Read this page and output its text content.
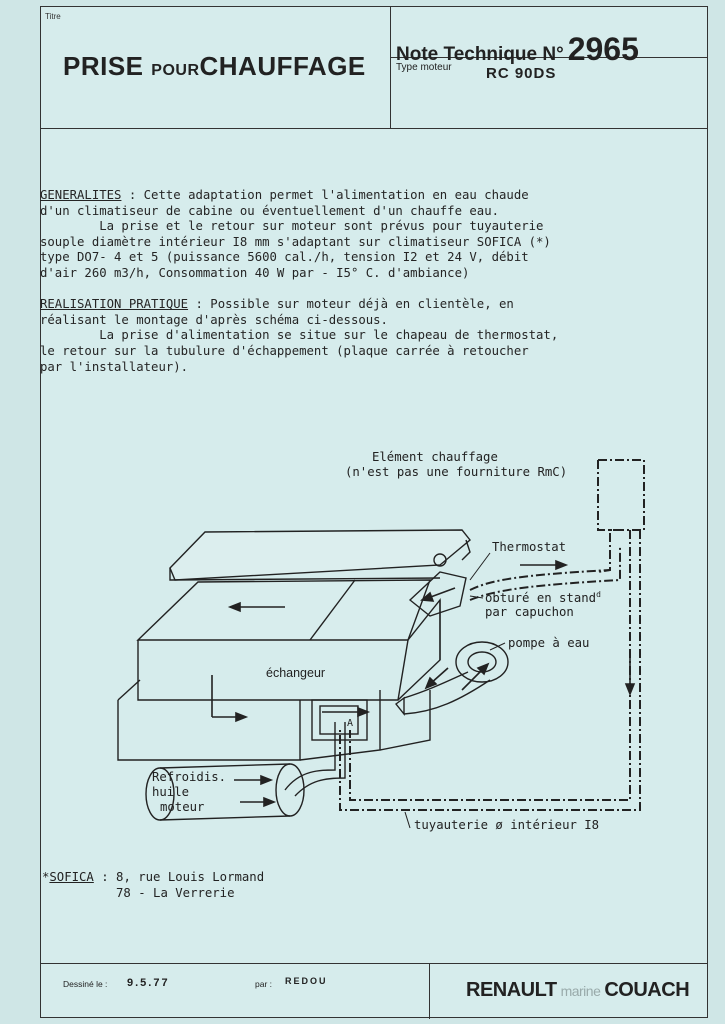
Titre
PRISE POURCHAUFFAGE Note Technique N° 2965
Type moteur RC 90DS
Dessiné le : 9.5.77	par : REDOU	RENAULT marine COUACH
GENERALITES : Cette adaptation permet l'alimentation en eau chaude
d'un climatiseur de cabine ou éventuellement d'un chauffe eau.
La prise et le retour sur moteur sont prévus pour tuyauterie
souple diamètre intérieur I8 mm s'adaptant sur climatiseur SOFICA (*)
type DO7- 4 et 5 (puissance 5600 cal./h, tension I2 et 24 V, débit
d'air 260 m3/h, Consommation 40 W par - I5° C. d'ambiance)

REALISATION PRATIQUE : Possible sur moteur déjà en clientèle, en
réalisant le montage d'après schéma ci-dessous.
La prise d'alimentation se situe sur le chapeau de thermostat,
le retour sur la tubulure d'échappement (plaque carrée à retoucher
par l'installateur).
Elément chauffage
(n'est pas une fourniture RmC)
Thermostat
obturé en stand$^d$
par capuchon
pompe à eau
échangeur
A
Refroidis.
huile
moteur
tuyauterie ø intérieur I8
*SOFICA : 8, rue Louis Lormand
78 - La Verrerie
